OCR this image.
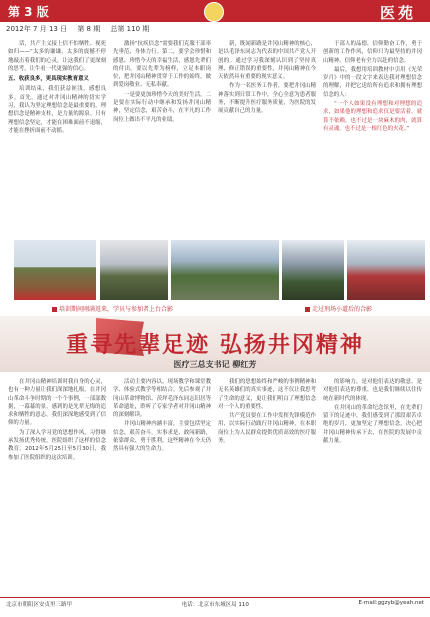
第 3 版	医苑
2012年 7 月 13 日 第 8 期 总第 110 期

话，共产主义接上信不怕牺牲。视死如归——“太多的谦谦，太多的震撼不停地敲击着我们的心灵，让这我们了更深刻的思考，让牛看一代更强的信心。

五、收获良多，更具现实教育意义

培训结束，我们获益匪浅，感想良多。首先，通过对井冈山精神的切实学习，我认为坚定理想信念是最重要的。理想信念是精神支柱，是力量的源泉。只有理想信念坚定，才能在困难面前不退缩，才能在挫折面前不动摇。

激扬“抗疾信念”需要我们克服干部率先垂范、身体力行。第二，要学会珍惜和感恩。珍惜今天的幸福生活，感恩先辈们的付出。要以先辈为榜样，立足本职岗位，把井冈山精神贯穿于工作的始终，做到爱岗敬业、无私奉献。

一是要更加珍惜今天的美好生活。二是要在实际行动中继承和发扬井冈山精神，坚定信念，艰苦奋斗，在平凡的工作岗位上做出不平凡的业绩。

新，既闻新路是井冈山精神的核心，是以毛泽东同志为代表的中国共产党人开创的。通过学习我深刻认识到了坚持真理、修正错误的重要性，井冈山精神在今天依然具有重要的现实意义。

作为一名医务工作者，要把井冈山精神落实到日常工作中，全心全意为患者服务，不断提升医疗服务质量，为医院的发展贡献自己的力量。

于部人的品德，信仰勤奋工作，勇于创新的工作作风，信仰只为最坚持的井冈山精神，信仰老有全力以赴的信念。

最后，我想用培训教材中引用《光荣岁月》中的一段文字来表达我对理想信念的理解，并把它送给所有追求和拥有理想信念的人：

“一个人如果没有理想和对理想的追求，如果他的理想和追求仅是要活着，就算不依赖，也不过是一块麻木的肉，就算有灵魂，也不过是一根红色的火花。”

培训期间刚满返来，学员与参加者上台合影	走过刑场小道后的合影
重寻先辈足迹 弘扬井冈精神
医疗三总支书记 柳红芳

在井冈山精神培训时我自身的心灵，也有一种力量让我们深深地扎根。在井冈山革命斗争时期的一个个事例，一部部数据，一幕幕的景，感到的是先辈无悔的追求和牺牲的意志，我们深深地感受到了信仰的力量。

为了深入学习党的思想作风，习得继承发扬优秀传统，医院组织了这样的信念教育。2012年5月25日至5月30日，我参加了医院组织的这次培训。

活动主要内容以，现场教学和课堂教学、体验式教学等相结合。先后参观了井冈山革命博物馆、茨坪毛泽东同志旧居等革命遗址，聆听了专家学者对井冈山精神的深刻解读。

井冈山精神内涵丰富，主要包括坚定信念、艰苦奋斗，实事求是、敢闯新路，依靠群众、勇于胜利。这些精神在今天仍然具有强大的生命力。

我们的思想始终和严峻的事例精神和无名英雄们的真实事迹，这不仅让我思考了生命的意义，更让我们明白了理想信念对一个人的重要性。

共产党员要在工作中发挥先锋模范作用，以实际行动践行井冈山精神，在本职岗位上为人民群众提供优质高效的医疗服务。

的影响力，是对他们表达的敬意。是对他们表达的尊重，也是我们继续以往传统在新时代的体现。

在井冈山的革命纪念馆里，在先辈们留下的足迹中，我们感受到了那段艰苦卓绝的岁月，更加坚定了理想信念，决心把井冈山精神传承下去，在医院的发展中贡献力量。

北京市朝阳区安贞里三路甲	电话：北京市东城区局 110	E-mail:ggzyb@yeah.net
